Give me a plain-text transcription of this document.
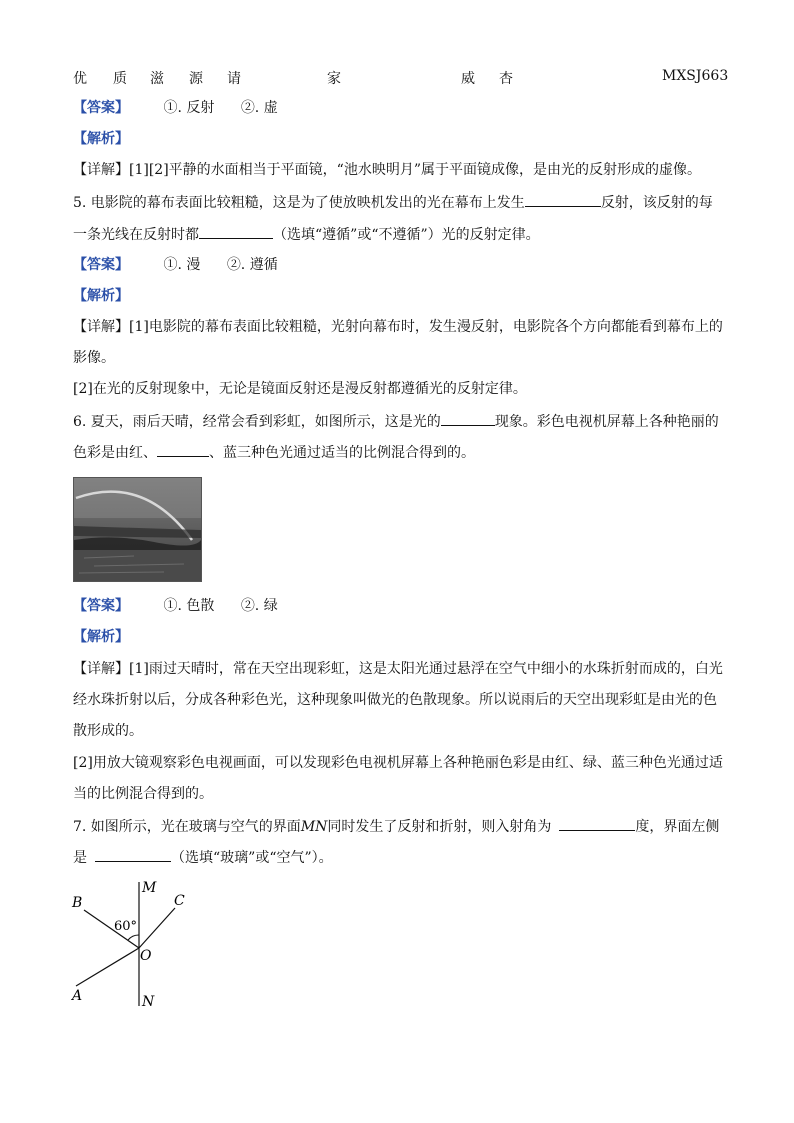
优 质 滋 源 请	家	威 杏	MXSJ663
【答案】 ①. 反射 ②. 虚
【解析】
【详解】[1][2]平静的水面相当于平面镜，“池水映明月”属于平面镜成像，是由光的反射形成的虚像。
5. 电影院的幕布表面比较粗糙，这是为了使放映机发出的光在幕布上发生	反射，该反射的每
一条光线在反射时都	（选填“遵循”或“不遵循”）光的反射定律。
【答案】 ①. 漫 ②. 遵循
【解析】
【详解】[1]电影院的幕布表面比较粗糙，光射向幕布时，发生漫反射，电影院各个方向都能看到幕布上的
影像。
[2]在光的反射现象中，无论是镜面反射还是漫反射都遵循光的反射定律。
6. 夏天，雨后天晴，经常会看到彩虹，如图所示，这是光的	现象。彩色电视机屏幕上各种艳丽的
色彩是由红、	、蓝三种色光通过适当的比例混合得到的。
【答案】 ①. 色散 ②. 绿
【解析】
【详解】[1]雨过天晴时，常在天空出现彩虹，这是太阳光通过悬浮在空气中细小的水珠折射而成的，白光
经水珠折射以后，分成各种彩色光，这种现象叫做光的色散现象。所以说雨后的天空出现彩虹是由光的色
散形成的。
[2]用放大镜观察彩色电视画面，可以发现彩色电视机屏幕上各种艳丽色彩是由红、绿、蓝三种色光通过适
当的比例混合得到的。
7. 如图所示，光在玻璃与空气的界面MN同时发生了反射和折射，则入射角为	度，界面左侧
是	（选填“玻璃”或“空气”）。
B	C
M
N
O
A
60°
